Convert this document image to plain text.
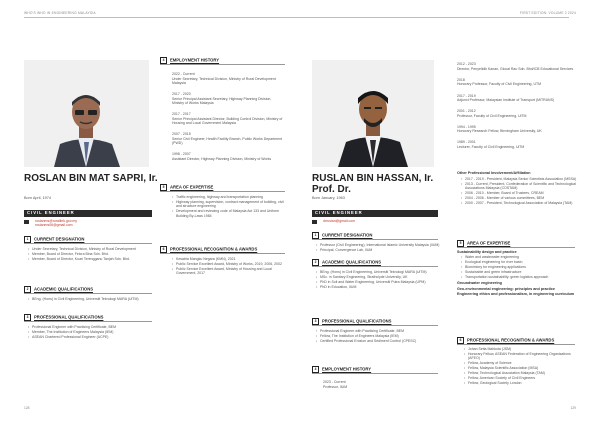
WHO'S WHO IN ENGINEERING MALAYSIA	FIRST EDITION: VOLUME 2 2024
ROSLAN BIN MAT SAPRI, Ir.
Born April, 1974
CIVIL ENGINEER
roslanms@rurallink.gov.my
roslanms06@gmail.com
1 CURRENT DESIGNATION
• Under Secretary, Technical Division, Ministry of Rural Development
• Member, Board of Director, Felcra Bina Sdn. Bhd.
• Member, Board of Director, Kuari Terengganu Tanjah Sdn. Bhd.
2 ACADEMIC QUALIFICATIONS
• BEng. (Hons) in Civil Engineering, Universiti Teknologi MARA (UiTM)
3 PROFESSIONAL QUALIFICATIONS
• Professional Engineer with Practising Certificate, BEM
• Member, The Institution of Engineers Malaysia (IEM)
• ASEAN Chartered Professional Engineer (ACPE)
4 EMPLOYMENT HISTORY

2022 - Current
Under Secretary, Technical Division, Ministry of Rural Development Malaysia

2017 - 2020
Senior Principal Assistant Secretary, Highway Planning Division, Ministry of Works Malaysia

2017 - 2017
Senior Principal Assistant Director, Building Control Division, Ministry of Housing and Local Government Malaysia

2007 - 2015
Senior Civil Engineer, Health Facility Branch, Public Works Department (PWD)

1998 - 2007
Assistant Director, Highway Planning Division, Ministry of Works

5 AREA OF EXPERTISE
• Traffic engineering, highway and transportation planning
• Highway planning, supervision, contract management of building, civil and structure engineering
• Development and reviewing code of Malaysia Act 133 and Uniform Building By-Laws 1984
6 PROFESSIONAL RECOGNITION & AWARDS
• Kesatria Mangku Negara (KMN), 2021
• Public Service Excellent Award, Ministry of Works, 2019, 2006, 2002
• Public Service Excellent Award, Ministry of Housing and Local Government, 2017
RUSLAN BIN HASSAN, Ir. Prof. Dr.
Born January, 1963
CIVIL ENGINEER
drruslan@gmail.com
1 CURRENT DESIGNATION
• Professor (Civil Engineering), International Islamic University Malaysia (IIUM)
• Principal, Convergence Lab, IIUM
2 ACADEMIC QUALIFICATIONS
• BEng. (Hons) in Civil Engineering, Universiti Teknologi MARA (UiTM)
• MSc. in Sanitary Engineering, Strathclyde University, UK
• PhD in Soil and Water Engineering, Universiti Putra Malaysia (UPM)
• PhD in Education, IIUM
3 PROFESSIONAL QUALIFICATIONS
• Professional Engineer with Practising Certificate, BEM
• Fellow, The Institution of Engineers Malaysia (IEM)
• Certified Professional Erosion and Sediment Control (CPESC)
4 EMPLOYMENT HISTORY

2023 - Current
Professor, IIUM

2012 - 2023
Director, Penyelidik Kanan, Glocal Rau Sdn. Bhd/ICB Educational Services

2018
Honorary Professor, Faculty of Civil Engineering, UTM

2017 - 2019
Adjunct Professor, Malaysian Institute of Transport (MITRANS)

2001 - 2012
Professor, Faculty of Civil Engineering, UiTM

1994 - 1995
Honorary Research Fellow, Birmingham University, UK

1989 - 2001
Lecturer, Faculty of Civil Engineering, UiTM

Other Professional Involvement/Affiliation
• 2017 - 2019 - President, Malaysia Senior Scientists Association (MSSA)
• 2013 - Current, President, Confederation of Scientific and Technological Associations Malaysia (COSTAM)
• 2006 - 2010 - Member, Board of Trustees, CREAM
• 2004 - 2006 - Member of various committees, BEM
• 2000 - 2007 - President, Technological Association of Malaysia (TAM)
5 AREA OF EXPERTISE
Sustainability design and practice
• Water and wastewater engineering
• Ecological engineering for river basin
• Biomimicry for engineering applications
• Sustainable and green infrastructure
• Transportation sustainability: green logistics approach
Groundwater engineering
Geo-environmental engineering: principles and practice
Engineering ethics and professionalism, in engineering curriculum
6 PROFESSIONAL RECOGNITION & AWARDS
• Johan Setia Mahkota (JSM)
• Honorary Fellow, ASEAN Federation of Engineering Organisations (AFEO)
• Fellow, Academy of Science
• Fellow, Malaysia Scientific Association (MSA)
• Fellow, Technological Association Malaysia (TAM)
• Fellow, American Society of Civil Engineers
• Fellow, Geological Society London
128	129
